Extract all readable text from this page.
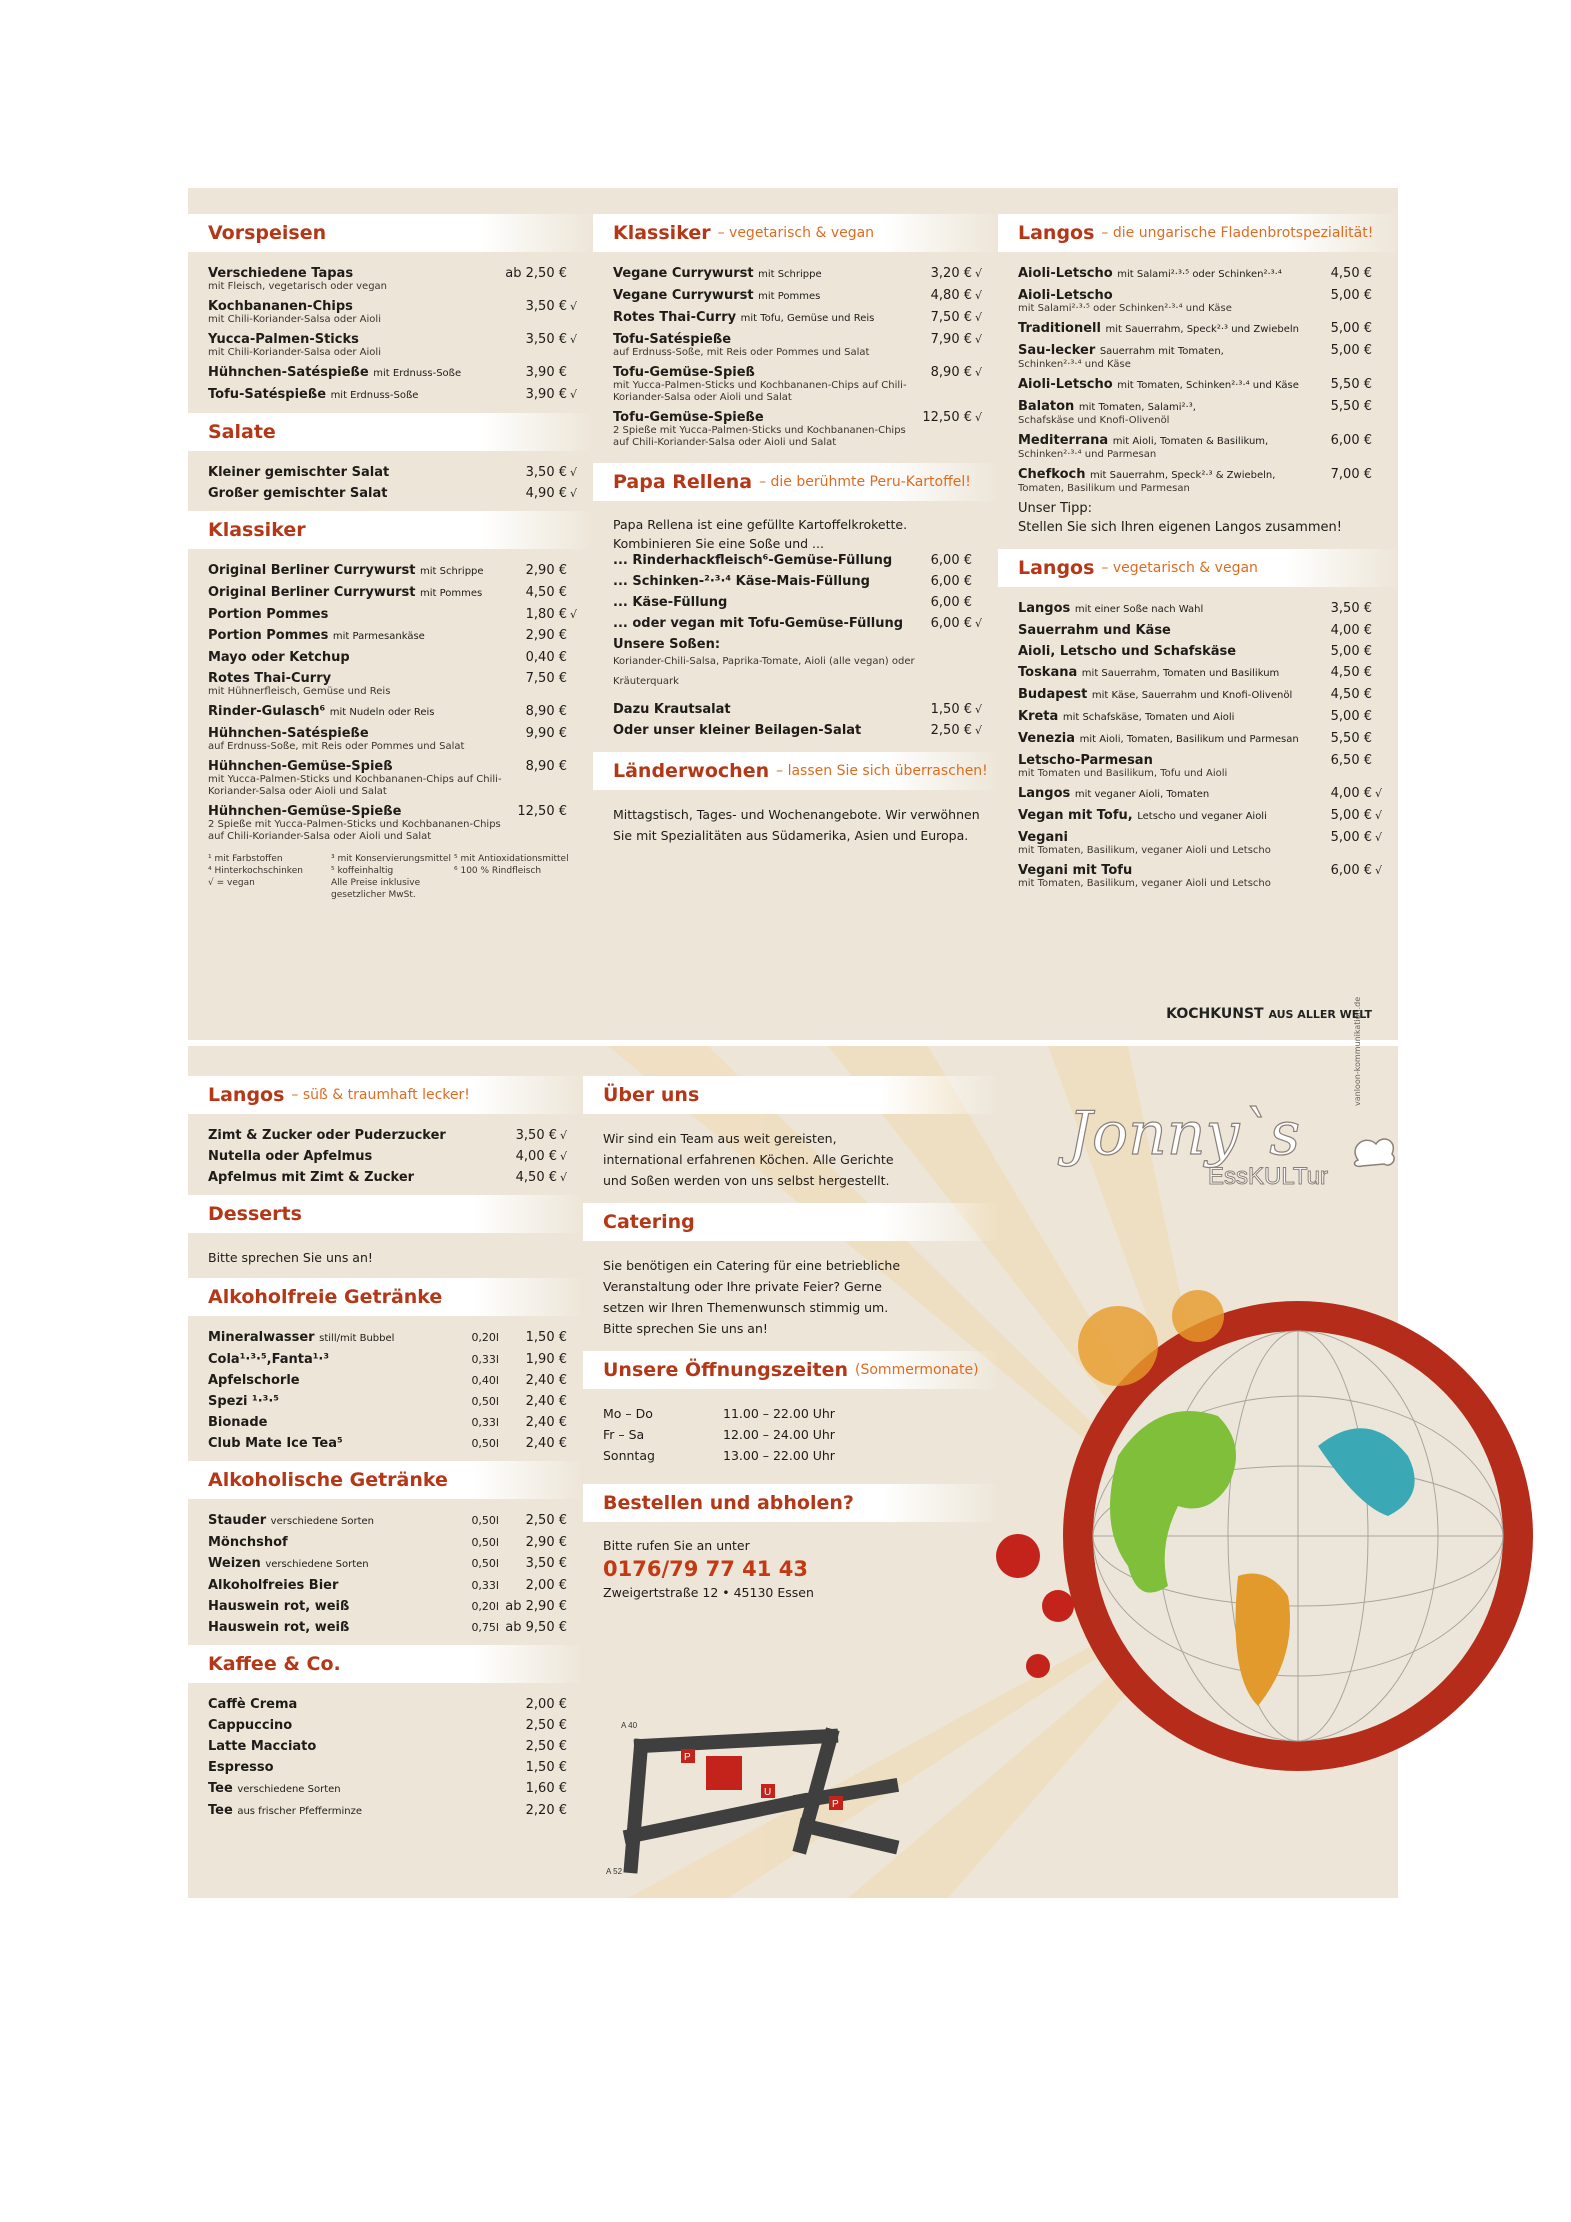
Vorspeisen
Verschiedene Tapas
mit Fleisch, vegetarisch oder vegan
ab 2,50 €
Kochbananen-Chips
mit Chili-Koriander-Salsa oder Aioli
3,50 € √
Yucca-Palmen-Sticks
mit Chili-Koriander-Salsa oder Aioli
3,50 € √
Hühnchen-Satéspieße mit Erdnuss-Soße	3,90 €
Tofu-Satéspieße mit Erdnuss-Soße	3,90 € √
Salate
Kleiner gemischter Salat	3,50 € √
Großer gemischter Salat	4,90 € √
Klassiker
Original Berliner Currywurst mit Schrippe	2,90 €
Original Berliner Currywurst mit Pommes	4,50 €
Portion Pommes	1,80 € √
Portion Pommes mit Parmesankäse	2,90 €
Mayo oder Ketchup	0,40 €
Rotes Thai-Curry
mit Hühnerfleisch, Gemüse und Reis
7,50 €
Rinder-Gulasch⁶ mit Nudeln oder Reis	8,90 €
Hühnchen-Satéspieße
auf Erdnuss-Soße, mit Reis oder Pommes und Salat
9,90 €
Hühnchen-Gemüse-Spieß
mit Yucca-Palmen-Sticks und Kochbananen-Chips auf Chili-Koriander-Salsa oder Aioli und Salat
8,90 €
Hühnchen-Gemüse-Spieße
2 Spieße mit Yucca-Palmen-Sticks und Kochbananen-Chips auf Chili-Koriander-Salsa oder Aioli und Salat
12,50 €
¹ mit Farbstoffen	³ mit Konservierungsmittel ⁵ mit Antioxidationsmittel
⁴ Hinterkochschinken	⁵ koffeinhaltig	⁶ 100 % Rindfleisch
√ = vegan	Alle Preise inklusive gesetzlicher MwSt.
Klassiker – vegetarisch & vegan
Vegane Currywurst mit Schrippe	3,20 € √
Vegane Currywurst mit Pommes	4,80 € √
Rotes Thai-Curry mit Tofu, Gemüse und Reis	7,50 € √
Tofu-Satéspieße
auf Erdnuss-Soße, mit Reis oder Pommes und Salat
7,90 € √
Tofu-Gemüse-Spieß
mit Yucca-Palmen-Sticks und Kochbananen-Chips auf Chili-Koriander-Salsa oder Aioli und Salat
8,90 € √
Tofu-Gemüse-Spieße
2 Spieße mit Yucca-Palmen-Sticks und Kochbananen-Chips auf Chili-Koriander-Salsa oder Aioli und Salat
12,50 € √
Papa Rellena – die berühmte Peru-Kartoffel!
Papa Rellena ist eine gefüllte Kartoffelkrokette. Kombinieren Sie eine Soße und ...
... Rinderhackfleisch⁶-Gemüse-Füllung	6,00 €
... Schinken-²·³·⁴ Käse-Mais-Füllung	6,00 €
... Käse-Füllung	6,00 €
... oder vegan mit Tofu-Gemüse-Füllung	6,00 € √
Unsere Soßen:
Koriander-Chili-Salsa, Paprika-Tomate, Aioli (alle vegan) oder Kräuterquark
Dazu Krautsalat	1,50 € √
Oder unser kleiner Beilagen-Salat	2,50 € √
Länderwochen – lassen Sie sich überraschen!
Mittagstisch, Tages- und Wochenangebote. Wir verwöhnen Sie mit Spezialitäten aus Südamerika, Asien und Europa.
Langos – die ungarische Fladenbrotspezialität!
Aioli-Letscho mit Salami²·³·⁵ oder Schinken²·³·⁴	4,50 €
Aioli-Letscho
mit Salami²·³·⁵ oder Schinken²·³·⁴ und Käse
5,00 €
Traditionell mit Sauerrahm, Speck²·³ und Zwiebeln	5,00 €
Sau-lecker Sauerrahm mit Tomaten,
Schinken²·³·⁴ und Käse
5,00 €
Aioli-Letscho mit Tomaten, Schinken²·³·⁴ und Käse	5,50 €
Balaton mit Tomaten, Salami²·³,
Schafskäse und Knofi-Olivenöl
5,50 €
Mediterrana mit Aioli, Tomaten & Basilikum,
Schinken²·³·⁴ und Parmesan
6,00 €
Chefkoch mit Sauerrahm, Speck²·³ & Zwiebeln,
Tomaten, Basilikum und Parmesan
7,00 €
Unser Tipp:
Stellen Sie sich Ihren eigenen Langos zusammen!
Langos – vegetarisch & vegan
Langos mit einer Soße nach Wahl	3,50 €
Sauerrahm und Käse	4,00 €
Aioli, Letscho und Schafskäse	5,00 €
Toskana mit Sauerrahm, Tomaten und Basilikum	4,50 €
Budapest mit Käse, Sauerrahm und Knofi-Olivenöl	4,50 €
Kreta mit Schafskäse, Tomaten und Aioli	5,00 €
Venezia mit Aioli, Tomaten, Basilikum und Parmesan	5,50 €
Letscho-Parmesan
mit Tomaten und Basilikum, Tofu und Aioli
6,50 €
Langos mit veganer Aioli, Tomaten	4,00 € √
Vegan mit Tofu, Letscho und veganer Aioli	5,00 € √
Vegani
mit Tomaten, Basilikum, veganer Aioli und Letscho
5,00 € √
Vegani mit Tofu
mit Tomaten, Basilikum, veganer Aioli und Letscho
6,00 € √
Langos – süß & traumhaft lecker!
Zimt & Zucker oder Puderzucker	3,50 € √
Nutella oder Apfelmus	4,00 € √
Apfelmus mit Zimt & Zucker	4,50 € √
Desserts
Bitte sprechen Sie uns an!
Alkoholfreie Getränke
Mineralwasser still/mit Bubbel	0,20l	1,50 €
Cola¹·³·⁵,Fanta¹·³	0,33l	1,90 €
Apfelschorle	0,40l	2,40 €
Spezi ¹·³·⁵	0,50l	2,40 €
Bionade	0,33l	2,40 €
Club Mate Ice Tea⁵	0,50l	2,40 €
Alkoholische Getränke
Stauder verschiedene Sorten	0,50l	2,50 €
Mönchshof	0,50l	2,90 €
Weizen verschiedene Sorten	0,50l	3,50 €
Alkoholfreies Bier	0,33l	2,00 €
Hauswein rot, weiß	0,20l ab 2,90 €
Hauswein rot, weiß	0,75l ab 9,50 €
Kaffee & Co.
Caffè Crema	2,00 €
Cappuccino	2,50 €
Latte Macciato	2,50 €
Espresso	1,50 €
Tee verschiedene Sorten	1,60 €
Tee aus frischer Pfefferminze	2,20 €
Über uns
Wir sind ein Team aus weit gereisten, international erfahrenen Köchen. Alle Gerichte und Soßen werden von uns selbst hergestellt.
Catering
Sie benötigen ein Catering für eine betriebliche Veranstaltung oder Ihre private Feier? Gerne setzen wir Ihren Themenwunsch stimmig um. Bitte sprechen Sie uns an!
Unsere Öffnungszeiten (Sommermonate)
Mo – Do	11.00 – 22.00 Uhr
Fr – Sa	12.00 – 24.00 Uhr
Sonntag	13.00 – 22.00 Uhr
Bestellen und abholen?
Bitte rufen Sie an unter
0176/79 77 41 43
Zweigertstraße 12 • 45130 Essen
P
U
P
A 40
A 52
vanloon-kommunikation.de
Jonny`s
EssKULTur
KOCHKUNST AUS ALLER WELT
